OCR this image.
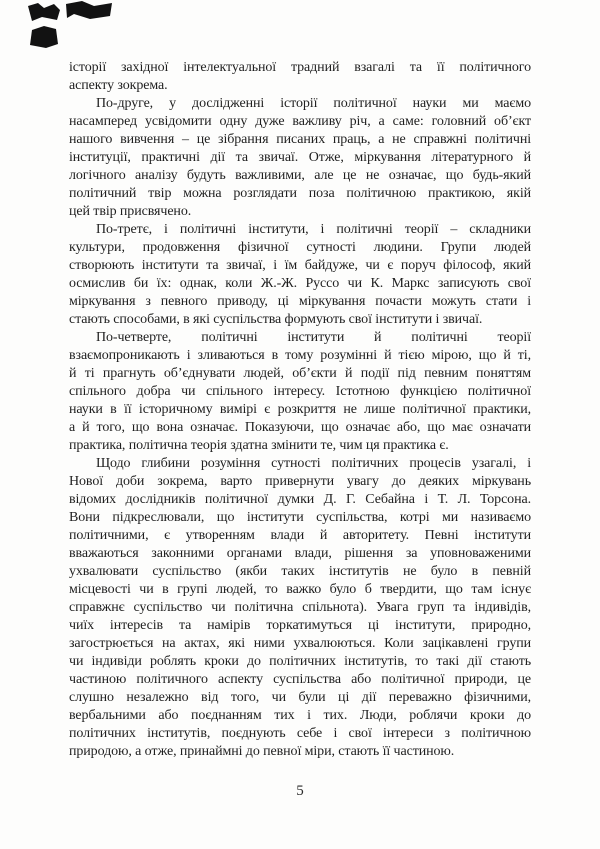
історії західної інтелектуальної традний взагалі та її політичного
аспекту зокрема.
По-друге, у дослідженні історії політичної науки ми маємо
насамперед усвідомити одну дуже важливу річ, а саме: головний об’єкт
нашого вивчення – це зібрання писаних праць, а не справжні політичні
інституції, практичні дії та звичаї. Отже, міркування літературного й
логічного аналізу будуть важливими, але це не означає, що будь-який
політичний твір можна розглядати поза політичною практикою, якій
цей твір присвячено.
По-третє, і політичні інститути, і політичні теорії – складники
культури, продовження фізичної сутності людини. Групи людей
створюють інститути та звичаї, і їм байдуже, чи є поруч філософ, який
осмислив би їх: однак, коли Ж.-Ж. Руссо чи К. Маркс записують свої
міркування з певного приводу, ці міркування почасти можуть стати і
стають способами, в які суспільства формують свої інститути і звичаї.
По-четверте, політичні інститути й політичні теорії
взаємопроникають і зливаються в тому розумінні й тією мірою, що й ті,
й ті прагнуть об’єднувати людей, об’єкти й події під певним поняттям
спільного добра чи спільного інтересу. Істотною функцією політичної
науки в її історичному вимірі є розкриття не лише політичної практики,
а й того, що вона означає. Показуючи, що означає або, що має означати
практика, політична теорія здатна змінити те, чим ця практика є.
Щодо глибини розуміння сутності політичних процесів узагалі, і
Нової доби зокрема, варто привернути увагу до деяких міркувань
відомих дослідників політичної думки Д. Г. Себайна і Т. Л. Торсона.
Вони підкреслювали, що інститути суспільства, котрі ми називаємо
політичними, є утворенням влади й авторитету. Певні інститути
вважаються законними органами влади, рішення за уповноваженими
ухвалювати суспільство (якби таких інститутів не було в певній
місцевості чи в групі людей, то важко було б твердити, що там існує
справжнє суспільство чи політична спільнота). Увага груп та індивідів,
чиїх інтересів та намірів торкатимуться ці інститути, природно,
загострюється на актах, які ними ухвалюються. Коли зацікавлені групи
чи індивіди роблять кроки до політичних інститутів, то такі дії стають
частиною політичного аспекту суспільства або політичної природи, це
слушно незалежно від того, чи були ці дії переважно фізичними,
вербальними або поєднанням тих і тих. Люди, роблячи кроки до
політичних інститутів, поєднують себе і свої інтереси з політичною
природою, а отже, принаймні до певної міри, стають її частиною.
5
